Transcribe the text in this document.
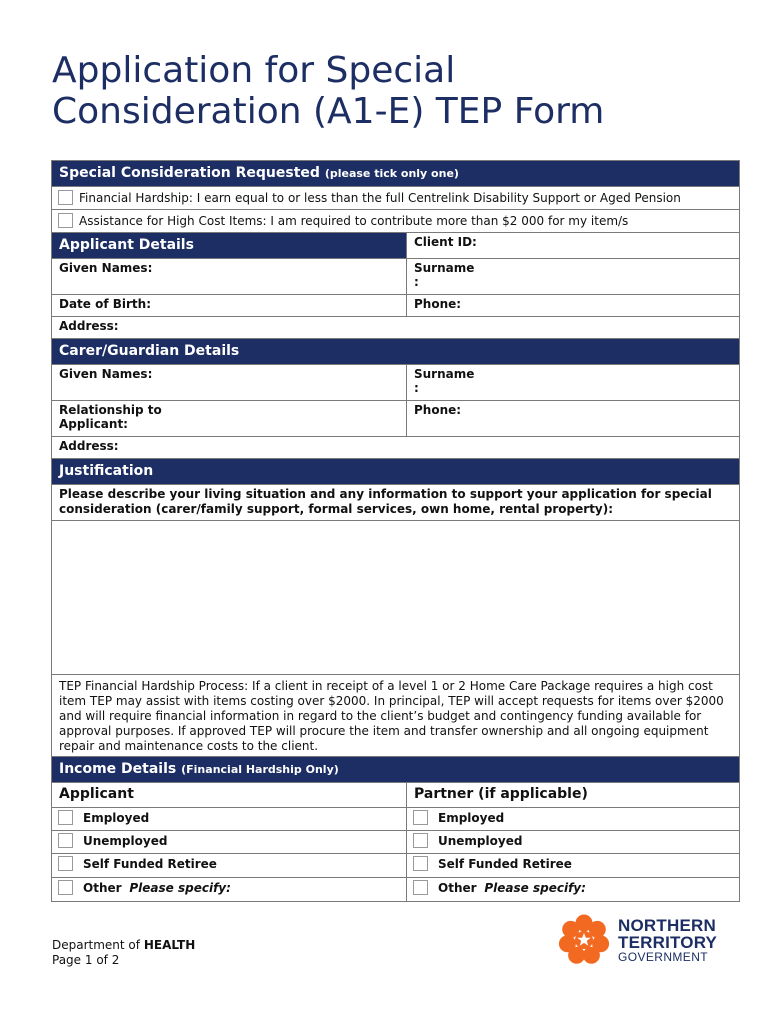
Application for Special
Consideration (A1-E) TEP Form
Special Consideration Requested (please tick only one)	
Financial Hardship: I earn equal to or less than the full Centrelink Disability Support or Aged Pension	
Assistance for High Cost Items: I am required to contribute more than $2 000 for my item/s	
Applicant Details	Client ID:
Given Names:	Surname
:
Date of Birth:	Phone:
Address:	
Carer/Guardian Details	
Given Names:	Surname
:
Relationship to
Applicant:	Phone:
Address:	
Justification	
Please describe your living situation and any information to support your application for special consideration (carer/family support, formal services, own home, rental property):	

TEP Financial Hardship Process: If a client in receipt of a level 1 or 2 Home Care Package requires a high cost item TEP may assist with items costing over $2000. In principal, TEP will accept requests for items over $2000 and will require financial information in regard to the client’s budget and contingency funding available for approval purposes. If approved TEP will procure the item and transfer ownership and all ongoing equipment repair and maintenance costs to the client.	
Income Details (Financial Hardship Only)	
Applicant	Partner (if applicable)
Employed	Employed
Unemployed	Unemployed
Self Funded Retiree	Self Funded Retiree
Other Please specify:	Other Please specify:
Department of HEALTH
Page 1 of 2
NORTHERN
TERRITORY
GOVERNMENT
